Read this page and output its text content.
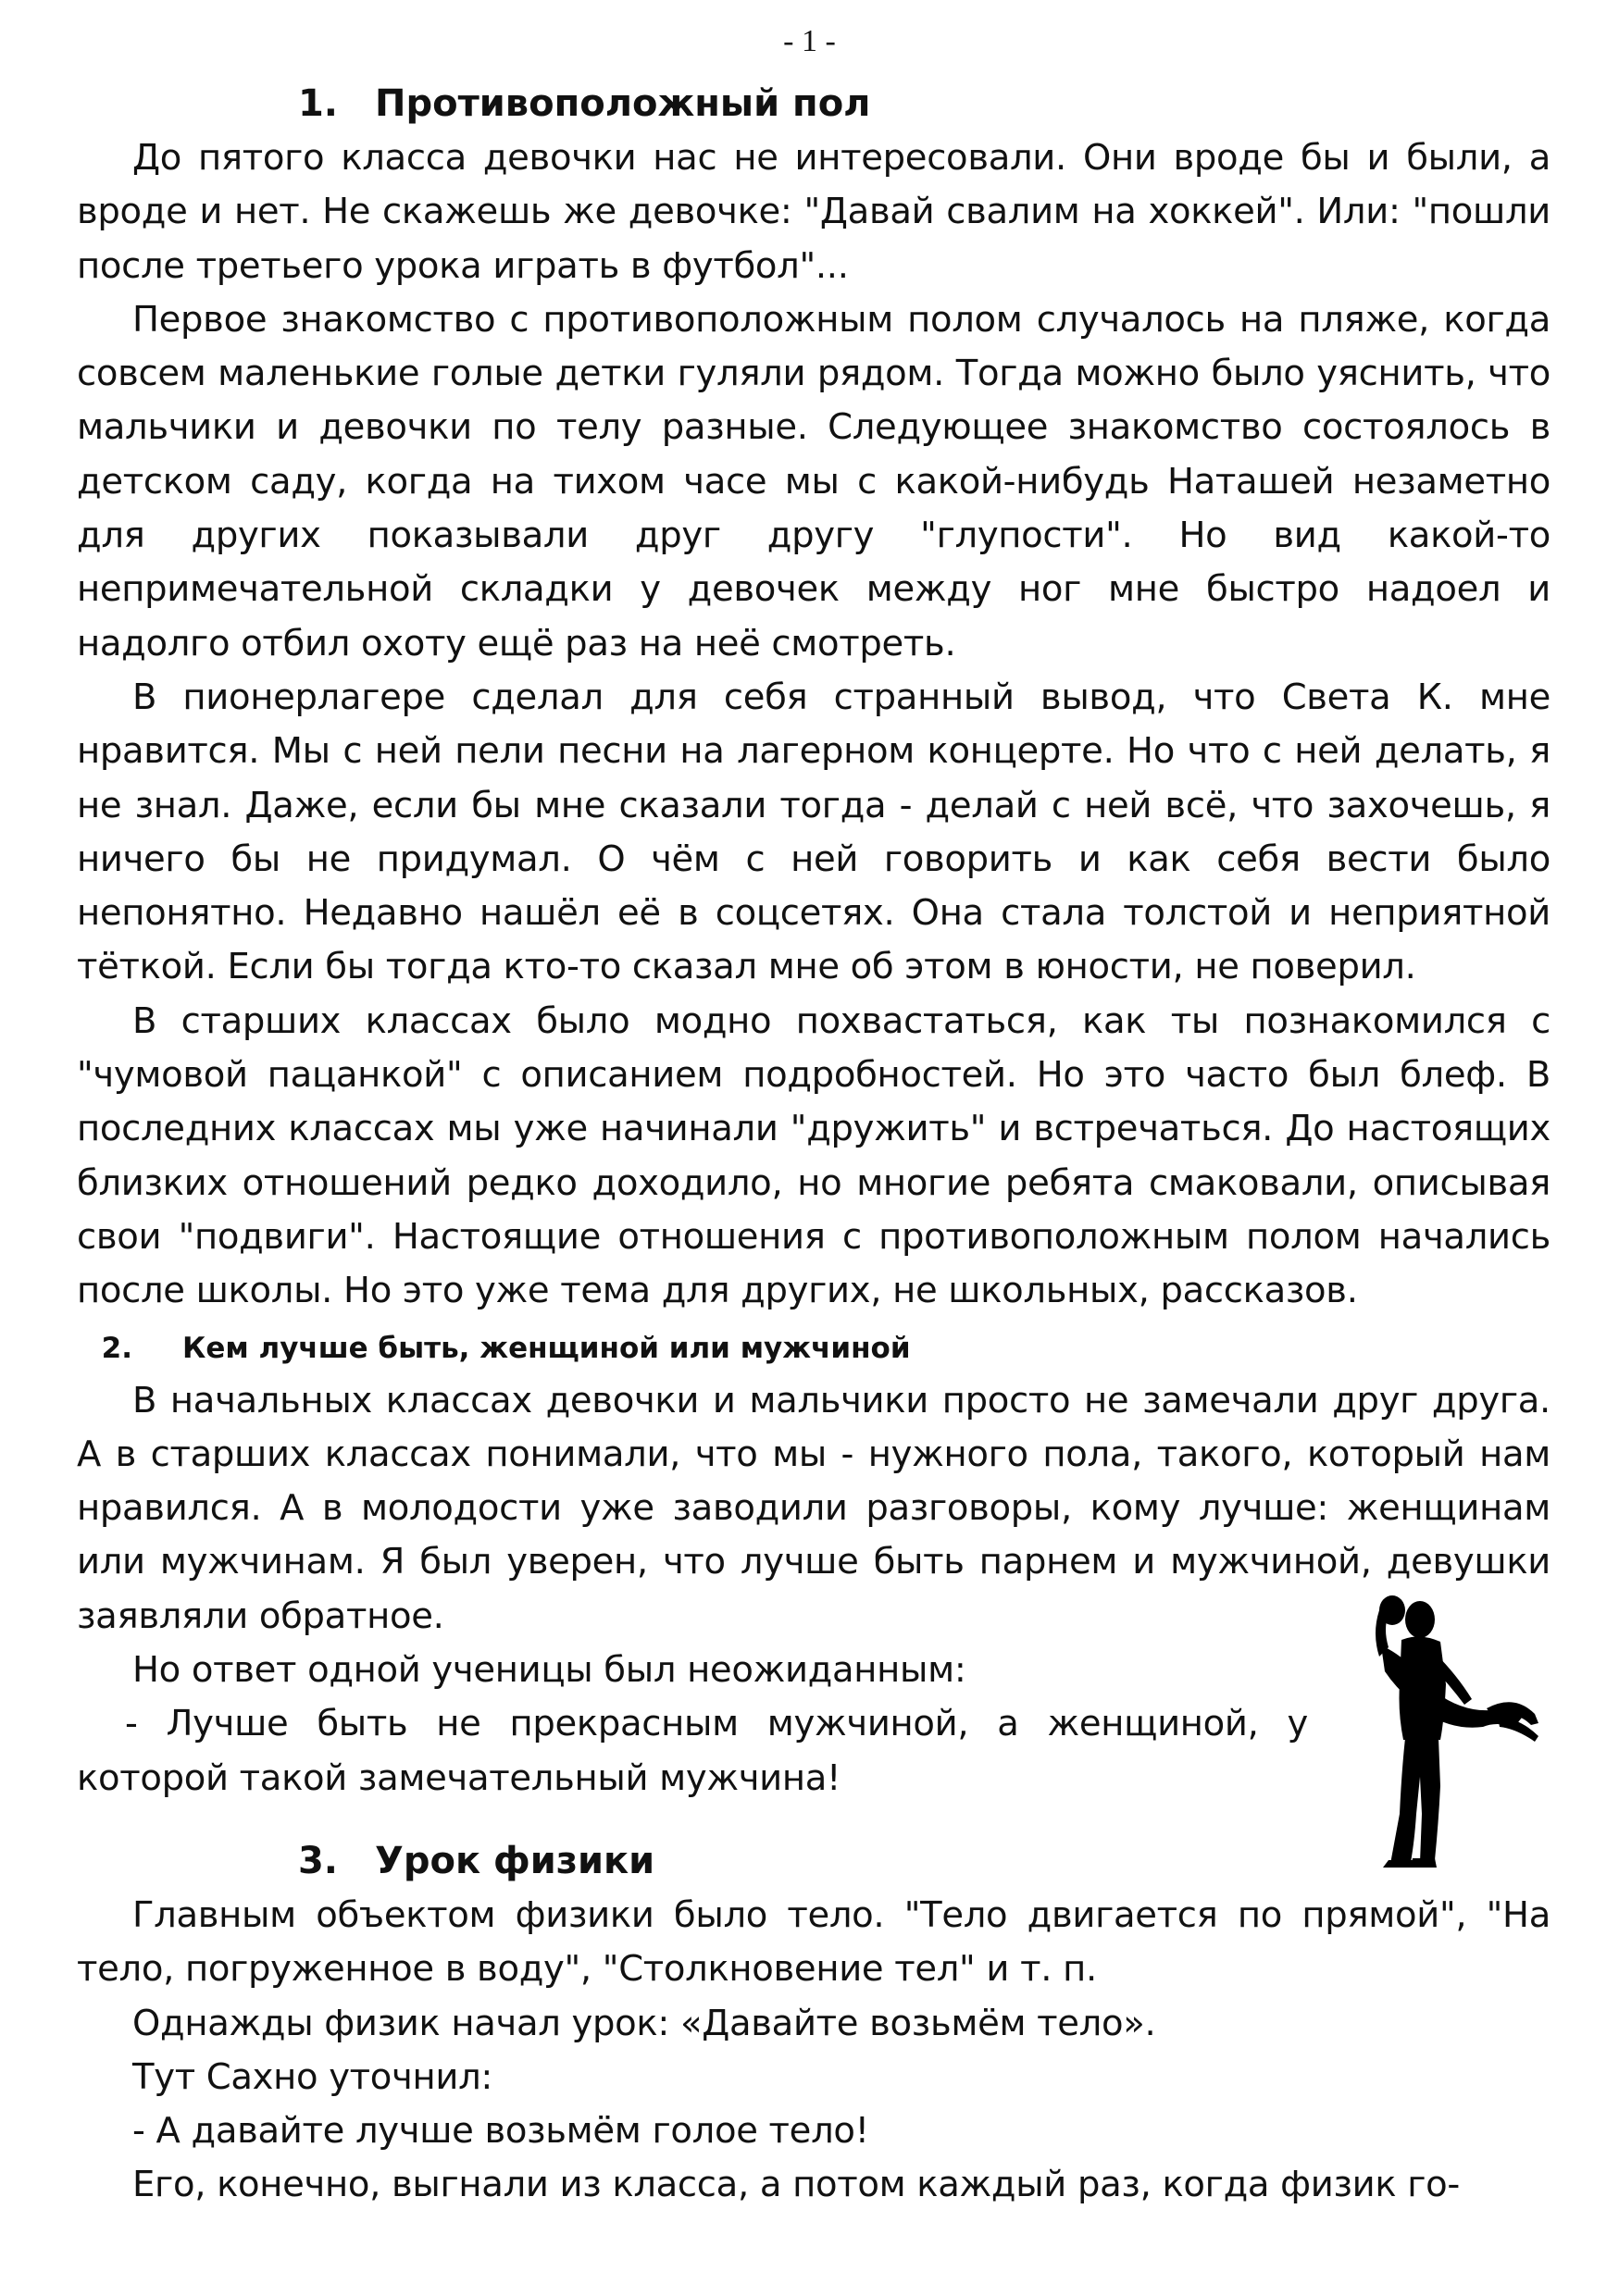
- 1 -
1. Противоположный пол

До пятого класса девочки нас не интересовали. Они вроде бы и были, а вроде и нет. Не скажешь же девочке: "Давай свалим на хоккей". Или: "пошли после третьего урока играть в футбол"...

Первое знакомство с противоположным полом случалось на пляже, когда совсем маленькие голые детки гуляли рядом. Тогда можно было уяснить, что мальчики и девочки по телу разные. Следующее знакомство состоялось в детском саду, когда на тихом часе мы с какой-нибудь Наташей незаметно для других показывали друг другу "глупости". Но вид какой-то непримечательной складки у девочек между ног мне быстро надоел и надолго отбил охоту ещё раз на неё смотреть.

В пионерлагере сделал для себя странный вывод, что Света К. мне нравится. Мы с ней пели песни на лагерном концерте. Но что с ней делать, я не знал. Даже, если бы мне сказали тогда - делай с ней всё, что захочешь, я ничего бы не придумал. О чём с ней говорить и как себя вести было непонятно. Недавно нашёл её в соцсетях. Она стала толстой и неприятной тёткой. Если бы тогда кто-то сказал мне об этом в юности, не поверил.

В старших классах было модно похвастаться, как ты познакомился с "чумовой пацанкой" с описанием подробностей. Но это часто был блеф. В последних классах мы уже начинали "дружить" и встречаться. До настоящих близких отношений редко доходило, но многие ребята смаковали, описывая свои "подвиги". Настоящие отношения с противоположным полом начались после школы. Но это уже тема для других, не школьных, рассказов.

2. Кем лучше быть, женщиной или мужчиной

В начальных классах девочки и мальчики просто не замечали друг друга. А в старших классах понимали, что мы - нужного пола, такого, который нам нравился. А в молодости уже заводили разговоры, кому лучше: женщинам или мужчинам. Я был уверен, что лучше быть парнем и мужчиной, девушки заявляли обратное.

Но ответ одной ученицы был неожиданным:

- Лучше быть не прекрасным мужчиной, а женщиной, у которой такой замечательный мужчина!

3. Урок физики

Главным объектом физики было тело. "Тело двигается по прямой", "На тело, погруженное в воду", "Столкновение тел" и т. п.

Однажды физик начал урок: «Давайте возьмём тело».

Тут Сахно уточнил:

- А давайте лучше возьмём голое тело!

Его, конечно, выгнали из класса, а потом каждый раз, когда физик го-
